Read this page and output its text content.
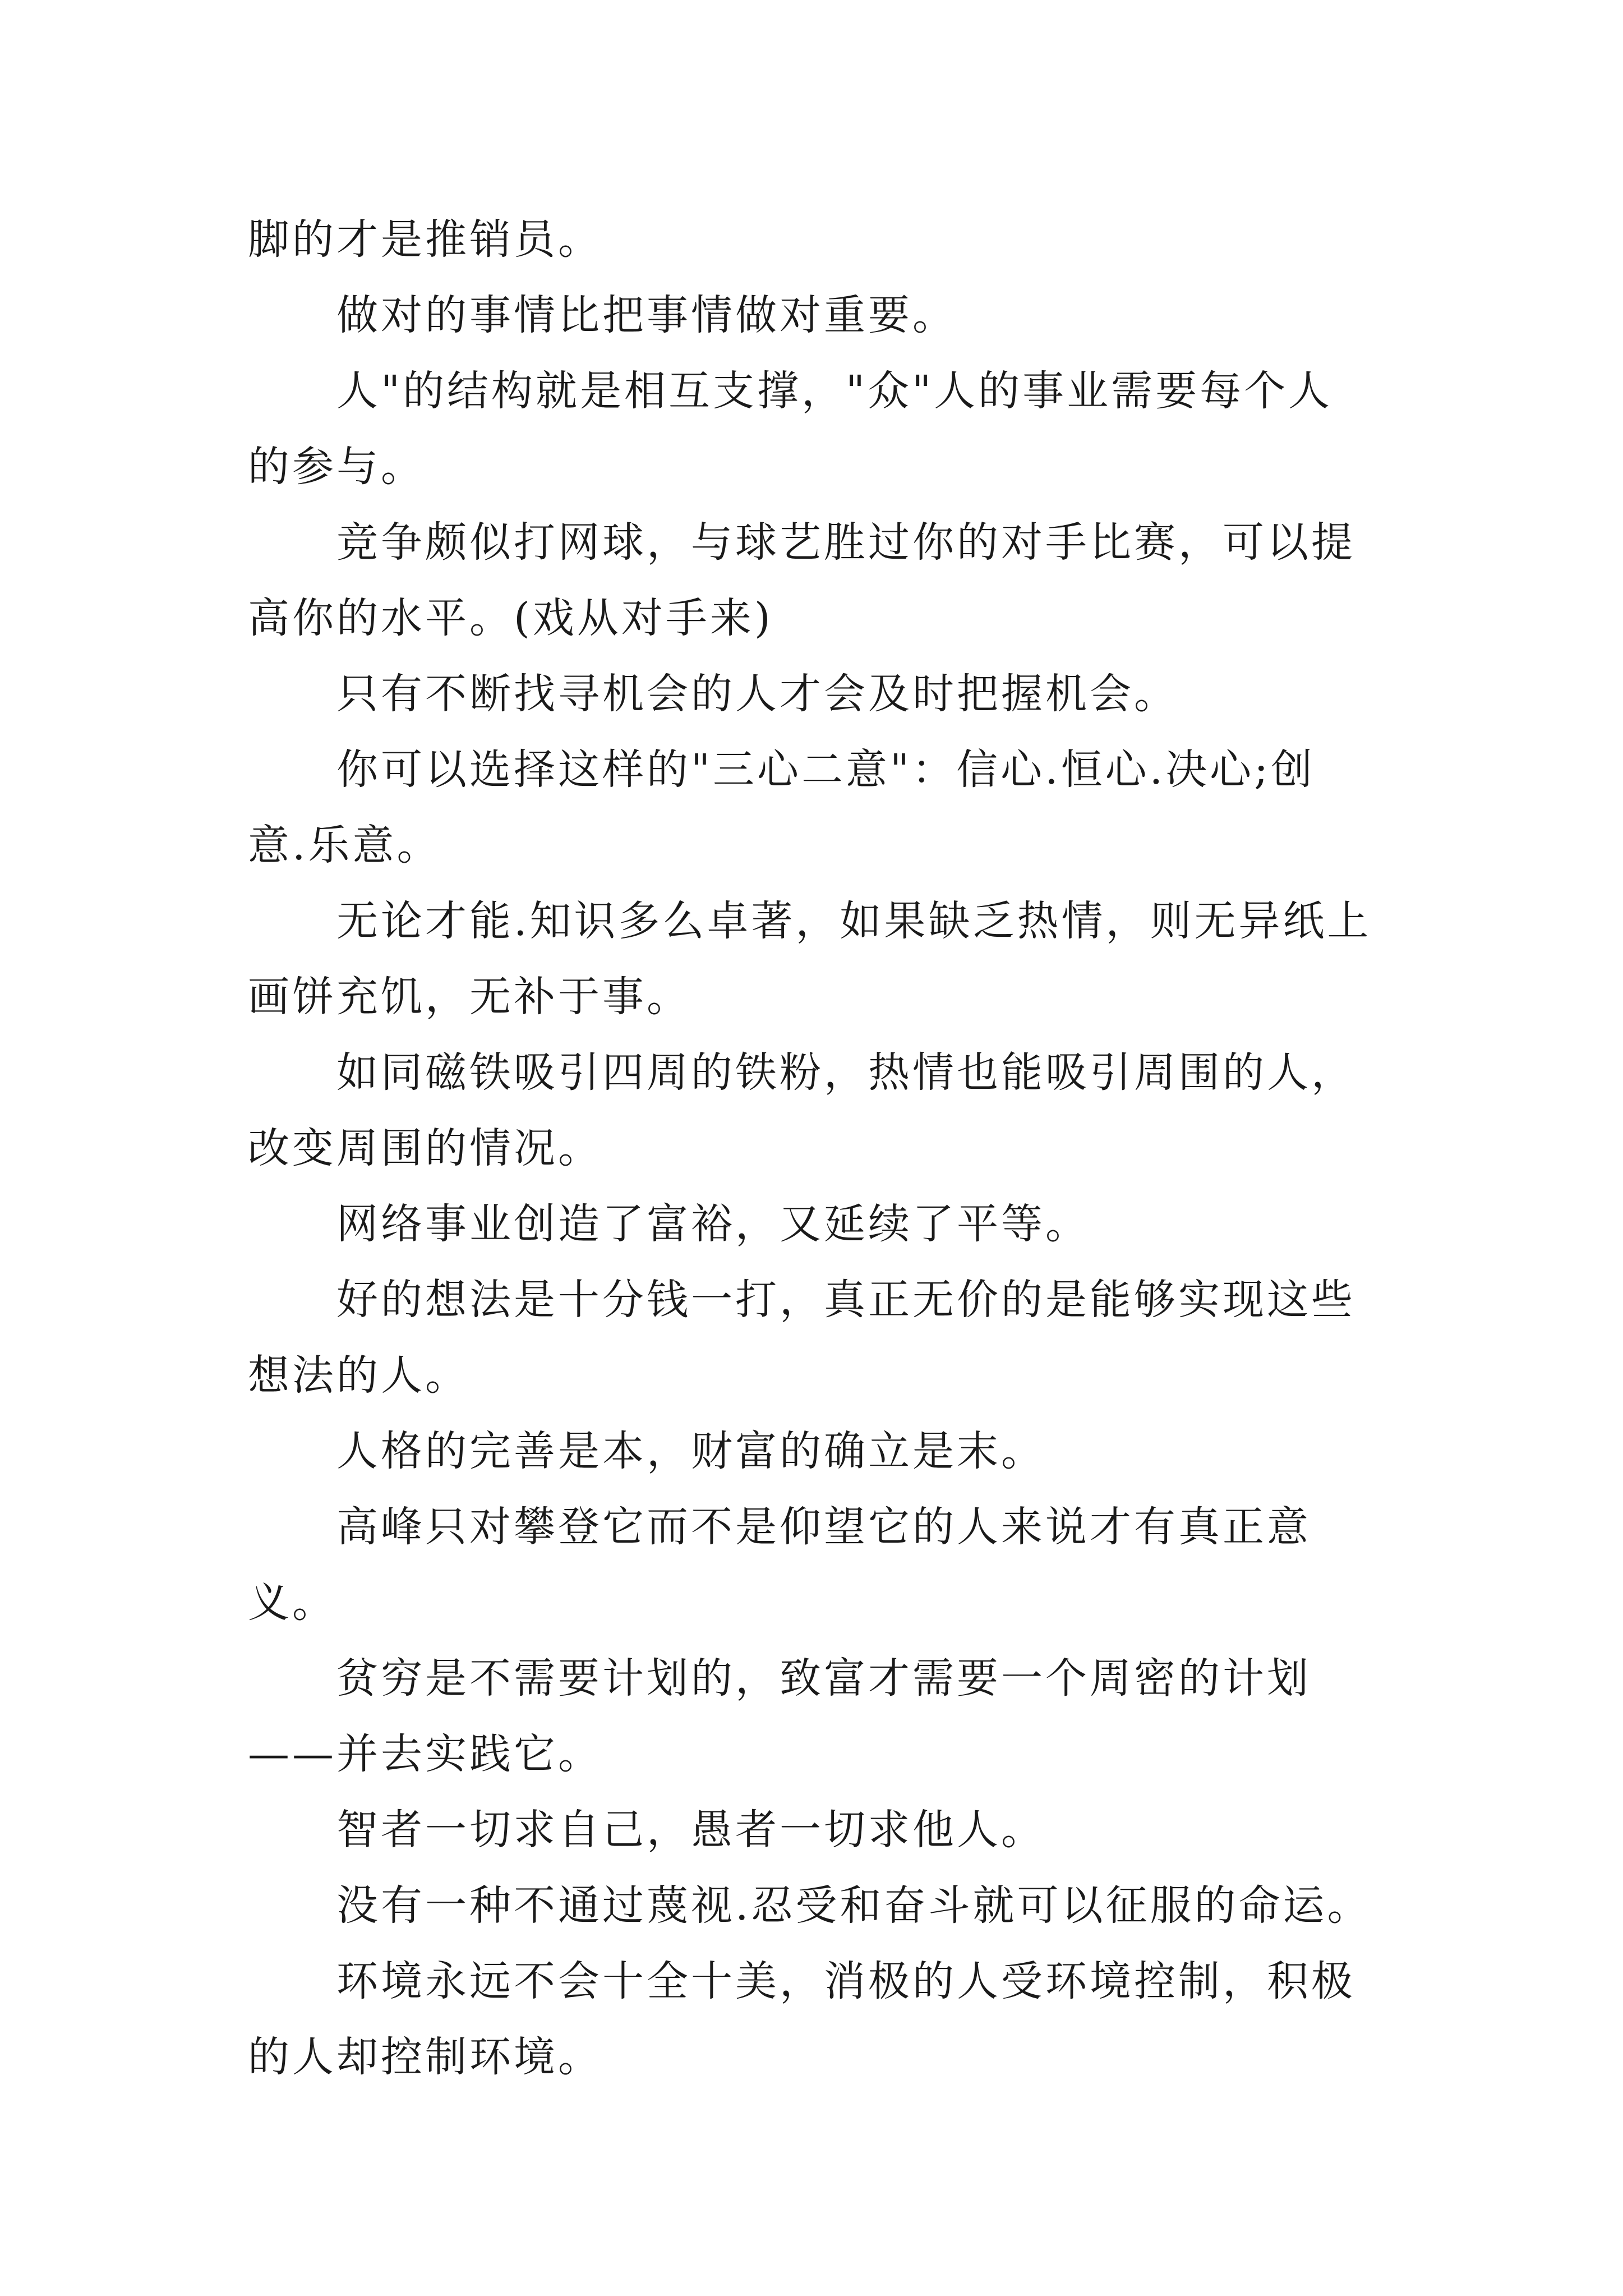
脚的才是推销员。

做对的事情比把事情做对重要。

人"的结构就是相互支撑，"众"人的事业需要每个人的参与。

竞争颇似打网球，与球艺胜过你的对手比赛，可以提高你的水平。(戏从对手来)

只有不断找寻机会的人才会及时把握机会。

你可以选择这样的"三心二意"：信心.恒心.决心;创意.乐意。

无论才能.知识多么卓著，如果缺乏热情，则无异纸上画饼充饥，无补于事。

如同磁铁吸引四周的铁粉，热情也能吸引周围的人，改变周围的情况。

网络事业创造了富裕，又延续了平等。

好的想法是十分钱一打，真正无价的是能够实现这些想法的人。

人格的完善是本，财富的确立是末。

高峰只对攀登它而不是仰望它的人来说才有真正意义。

贫穷是不需要计划的，致富才需要一个周密的计划——并去实践它。

智者一切求自己，愚者一切求他人。

没有一种不通过蔑视.忍受和奋斗就可以征服的命运。

环境永远不会十全十美，消极的人受环境控制，积极的人却控制环境。
